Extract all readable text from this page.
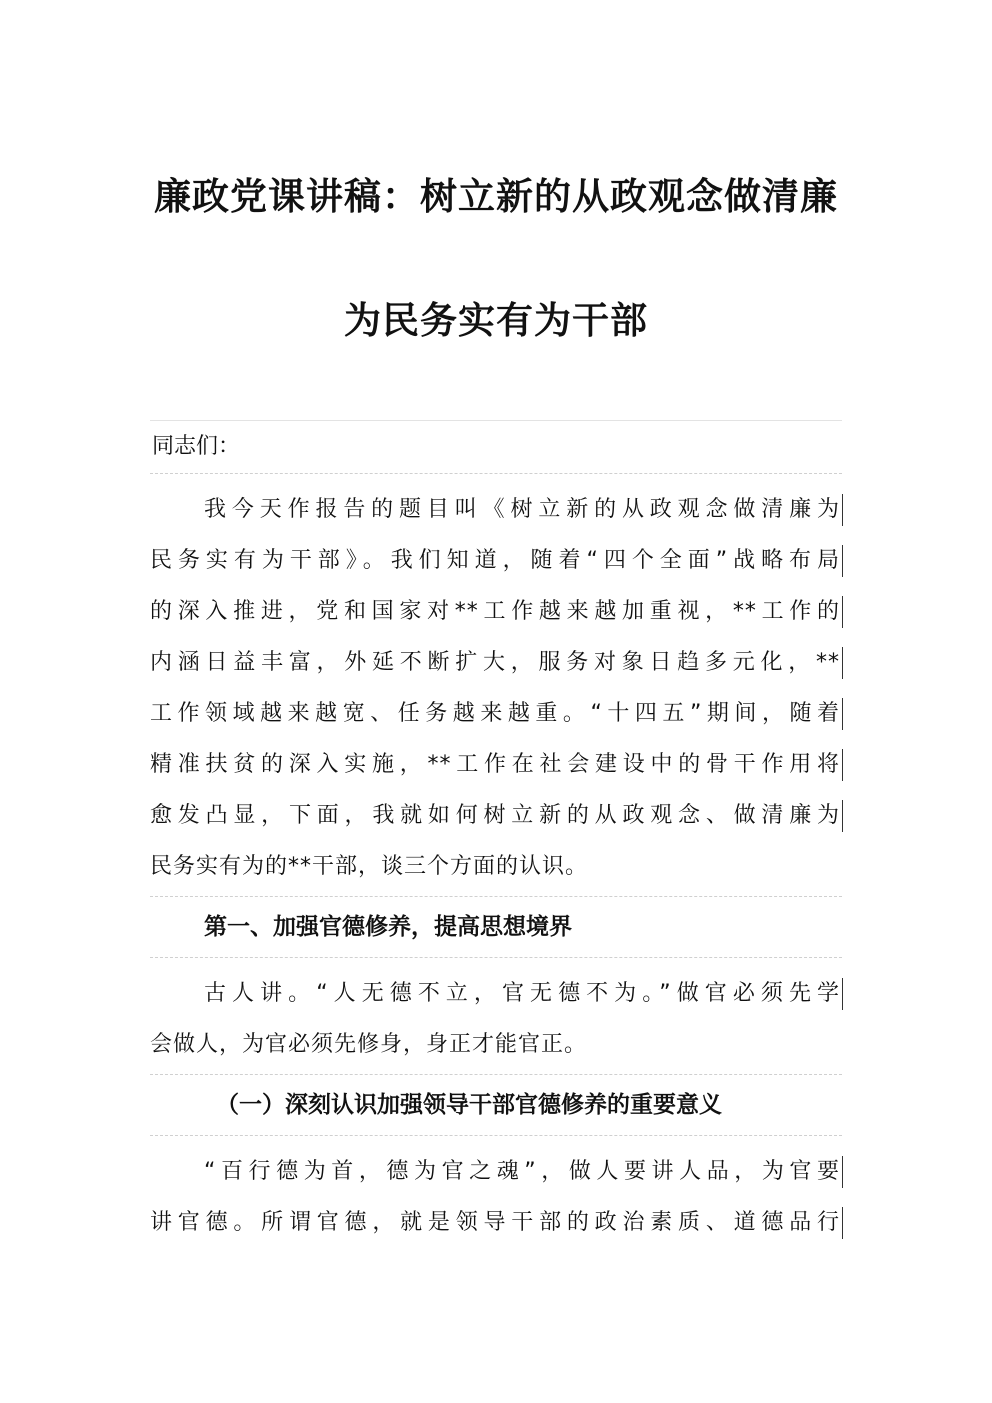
廉政党课讲稿：树立新的从政观念做清廉
为民务实有为干部
同志们：
我今天作报告的题目叫《树立新的从政观念做清廉为
民务实有为干部》。我们知道，随着“四个全面”战略布局
的深入推进，党和国家对**工作越来越加重视，**工作的
内涵日益丰富，外延不断扩大，服务对象日趋多元化，**
工作领域越来越宽、任务越来越重。“十四五”期间，随着
精准扶贫的深入实施，**工作在社会建设中的骨干作用将
愈发凸显，下面，我就如何树立新的从政观念、做清廉为
民务实有为的**干部，谈三个方面的认识。
第一、加强官德修养，提高思想境界
古人讲。“人无德不立，官无德不为。”做官必须先学
会做人，为官必须先修身，身正才能官正。
（一）深刻认识加强领导干部官德修养的重要意义
“百行德为首，德为官之魂”，做人要讲人品，为官要
讲官德。所谓官德，就是领导干部的政治素质、道德品行
